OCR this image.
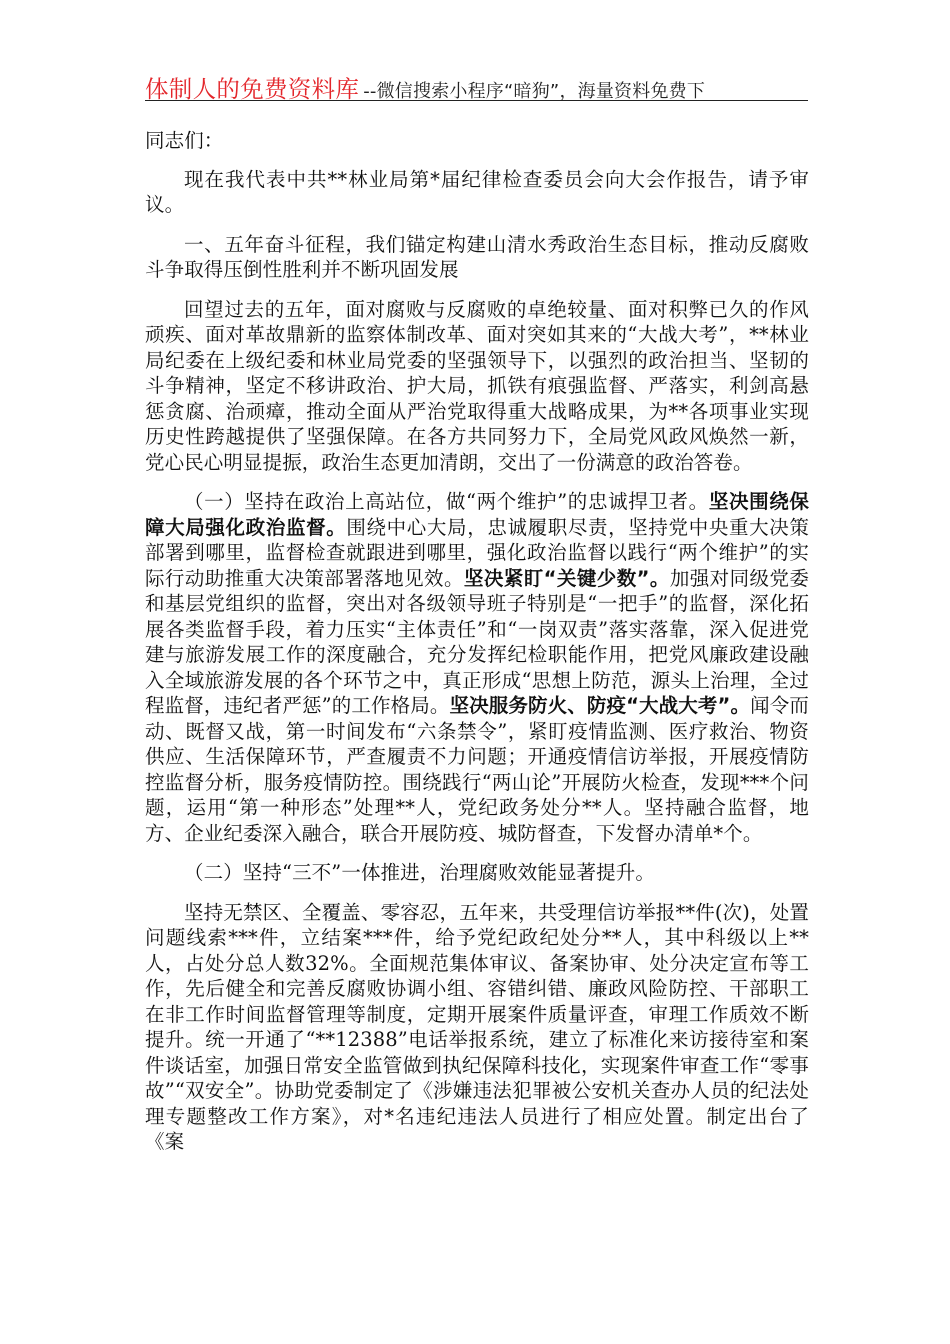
体制人的免费资料库 --微信搜索小程序“暗狗”，海量资料免费下

同志们：

现在我代表中共**林业局第*届纪律检查委员会向大会作报告，请予审议。

一、五年奋斗征程，我们锚定构建山清水秀政治生态目标，推动反腐败斗争取得压倒性胜利并不断巩固发展

回望过去的五年，面对腐败与反腐败的卓绝较量、面对积弊已久的作风顽疾、面对革故鼎新的监察体制改革、面对突如其来的“大战大考”，**林业局纪委在上级纪委和林业局党委的坚强领导下，以强烈的政治担当、坚韧的斗争精神，坚定不移讲政治、护大局，抓铁有痕强监督、严落实，利剑高悬惩贪腐、治顽瘴，推动全面从严治党取得重大战略成果，为**各项事业实现历史性跨越提供了坚强保障。在各方共同努力下，全局党风政风焕然一新，党心民心明显提振，政治生态更加清朗，交出了一份满意的政治答卷。

（一）坚持在政治上高站位，做“两个维护”的忠诚捍卫者。坚决围绕保障大局强化政治监督。围绕中心大局，忠诚履职尽责，坚持党中央重大决策部署到哪里，监督检查就跟进到哪里，强化政治监督以践行“两个维护”的实际行动助推重大决策部署落地见效。坚决紧盯“关键少数”。加强对同级党委和基层党组织的监督，突出对各级领导班子特别是“一把手”的监督，深化拓展各类监督手段，着力压实“主体责任”和“一岗双责”落实落靠，深入促进党建与旅游发展工作的深度融合，充分发挥纪检职能作用，把党风廉政建设融入全域旅游发展的各个环节之中，真正形成“思想上防范，源头上治理，全过程监督，违纪者严惩”的工作格局。坚决服务防火、防疫“大战大考”。闻令而动、既督又战，第一时间发布“六条禁令”，紧盯疫情监测、医疗救治、物资供应、生活保障环节，严查履责不力问题；开通疫情信访举报，开展疫情防控监督分析，服务疫情防控。围绕践行“两山论”开展防火检查，发现***个问题，运用“第一种形态”处理**人，党纪政务处分**人。坚持融合监督，地方、企业纪委深入融合，联合开展防疫、城防督查，下发督办清单*个。

（二）坚持“三不”一体推进，治理腐败效能显著提升。

坚持无禁区、全覆盖、零容忍，五年来，共受理信访举报**件(次)，处置问题线索***件，立结案***件，给予党纪政纪处分**人，其中科级以上**人，占处分总人数32%。全面规范集体审议、备案协审、处分决定宣布等工作，先后健全和完善反腐败协调小组、容错纠错、廉政风险防控、干部职工在非工作时间监督管理等制度，定期开展案件质量评查，审理工作质效不断提升。统一开通了“**12388”电话举报系统，建立了标准化来访接待室和案件谈话室，加强日常安全监管做到执纪保障科技化，实现案件审查工作“零事故”“双安全”。协助党委制定了《涉嫌违法犯罪被公安机关查办人员的纪法处理专题整改工作方案》，对*名违纪违法人员进行了相应处置。制定出台了《案
